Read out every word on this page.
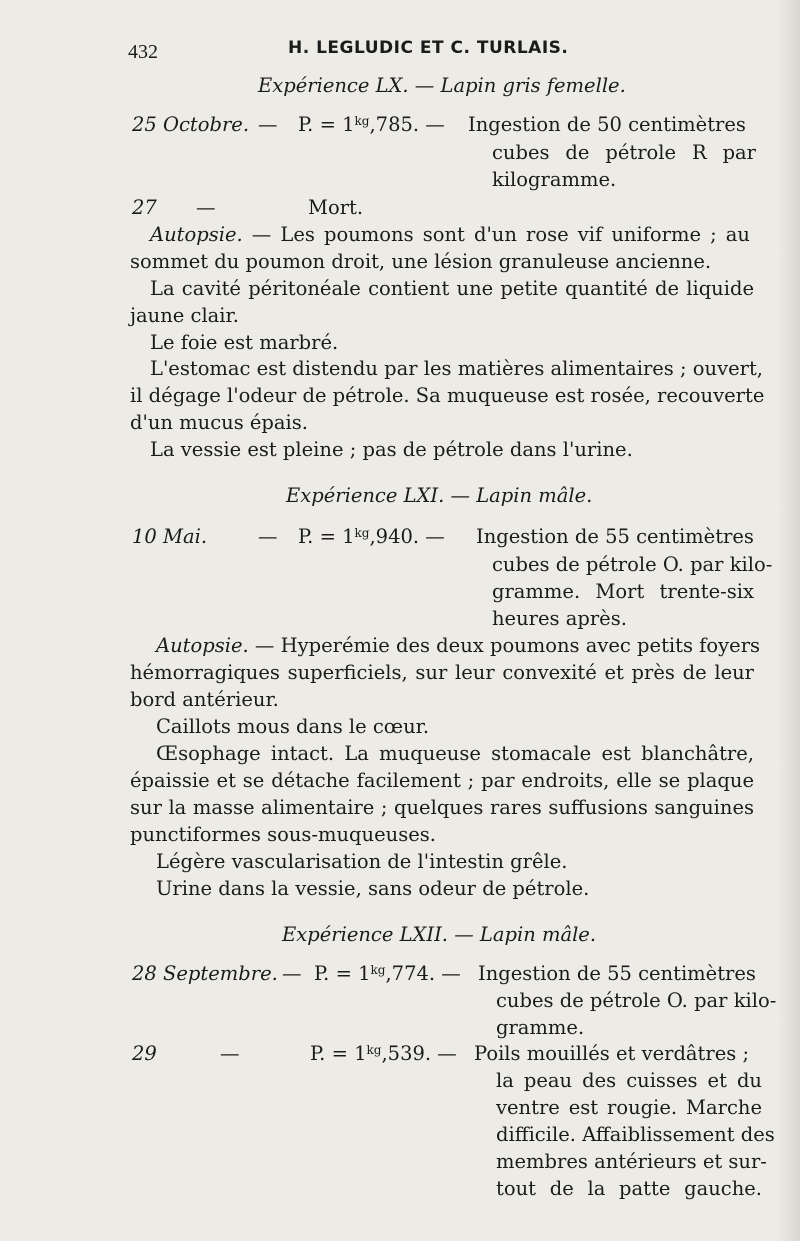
432	H. LEGLUDIC ET C. TURLAIS.
Expérience LX. — Lapin gris femelle.
25 Octobre. — P. = $1^{kg},785$. — Ingestion de 50 centimètres
cubes de pétrole R par
kilogramme.
27 —	Mort.
Autopsie. — Les poumons sont d'un rose vif uniforme ; au
sommet du poumon droit, une lésion granuleuse ancienne.
La cavité péritonéale contient une petite quantité de liquide
jaune clair.
Le foie est marbré.
L'estomac est distendu par les matières alimentaires ; ouvert,
il dégage l'odeur de pétrole. Sa muqueuse est rosée, recouverte
d'un mucus épais.
La vessie est pleine ; pas de pétrole dans l'urine.
Expérience LXI. — Lapin mâle.
10 Mai.	— P. = $1^{kg},940$. — Ingestion de 55 centimètres
cubes de pétrole O. par kilo-
gramme. Mort trente-six
heures après.
Autopsie. — Hyperémie des deux poumons avec petits foyers
hémorragiques superficiels, sur leur convexité et près de leur
bord antérieur.
Caillots mous dans le cœur.
Œsophage intact. La muqueuse stomacale est blanchâtre,
épaissie et se détache facilement ; par endroits, elle se plaque
sur la masse alimentaire ; quelques rares suffusions sanguines
punctiformes sous-muqueuses.
Légère vascularisation de l'intestin grêle.
Urine dans la vessie, sans odeur de pétrole.
Expérience LXII. — Lapin mâle.
28 Septembre. — P. = $1^{kg},774$. — Ingestion de 55 centimètres
cubes de pétrole O. par kilo-
gramme.
29	—	P. = $1^{kg},539$. — Poils mouillés et verdâtres ;
la peau des cuisses et du
ventre est rougie. Marche
difficile. Affaiblissement des
membres antérieurs et sur-
tout de la patte gauche.
